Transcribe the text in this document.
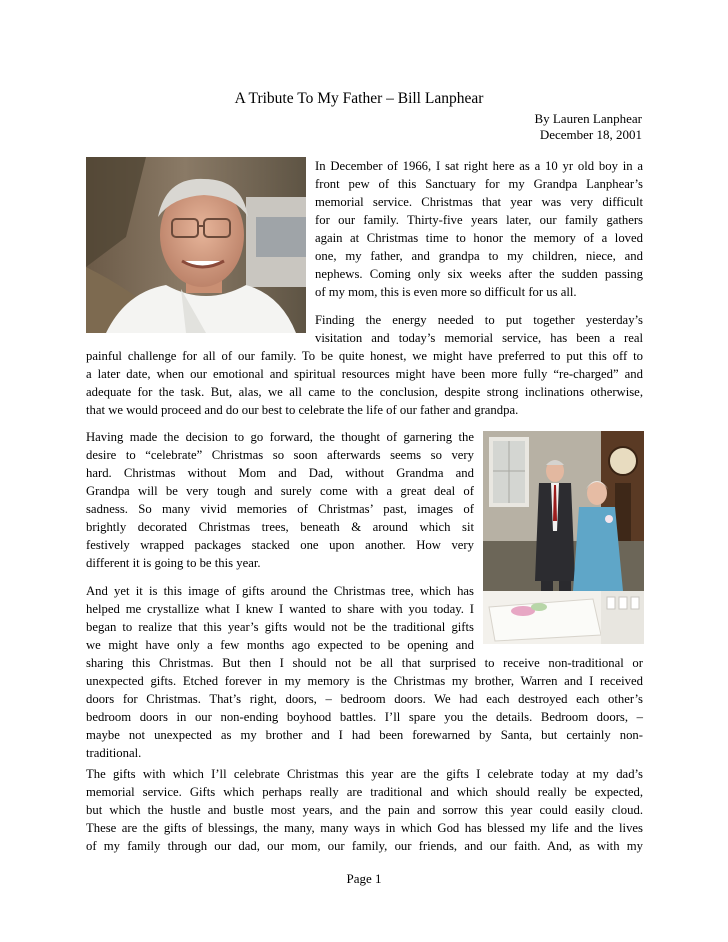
A Tribute To My Father – Bill Lanphear
By Lauren Lanphear
December 18, 2001
In December of 1966, I sat right here as a 10 yr old boy in a
front pew of this Sanctuary for my Grandpa Lanphear’s
memorial service. Christmas that year was very difficult
for our family. Thirty-five years later, our family gathers
again at Christmas time to honor the memory of a loved
one, my father, and grandpa to my children, niece, and
nephews. Coming only six weeks after the sudden passing
of my mom, this is even more so difficult for us all.
Finding the energy needed to put together yesterday’s
visitation and today’s memorial service, has been a real
painful challenge for all of our family. To be quite honest, we might have preferred to put this off to
a later date, when our emotional and spiritual resources might have been more fully “re-charged” and
adequate for the task. But, alas, we all came to the conclusion, despite strong inclinations otherwise,
that we would proceed and do our best to celebrate the life of our father and grandpa.
Having made the decision to go forward, the thought of garnering the
desire to “celebrate” Christmas so soon afterwards seems so very
hard. Christmas without Mom and Dad, without Grandma and
Grandpa will be very tough and surely come with a great deal of
sadness. So many vivid memories of Christmas’ past, images of
brightly decorated Christmas trees, beneath & around which sit
festively wrapped packages stacked one upon another. How very
different it is going to be this year.
And yet it is this image of gifts around the Christmas tree, which has
helped me crystallize what I knew I wanted to share with you today. I
began to realize that this year’s gifts would not be the traditional gifts
we might have only a few months ago expected to be opening and
sharing this Christmas. But then I should not be all that surprised to receive non-traditional or
unexpected gifts. Etched forever in my memory is the Christmas my brother, Warren and I received
doors for Christmas. That’s right, doors, – bedroom doors. We had each destroyed each other’s
bedroom doors in our non-ending boyhood battles. I’ll spare you the details. Bedroom doors, –
maybe not unexpected as my brother and I had been forewarned by Santa, but certainly non-
traditional.
The gifts with which I’ll celebrate Christmas this year are the gifts I celebrate today at my dad’s
memorial service. Gifts which perhaps really are traditional and which should really be expected,
but which the hustle and bustle most years, and the pain and sorrow this year could easily cloud.
These are the gifts of blessings, the many, many ways in which God has blessed my life and the lives
of my family through our dad, our mom, our family, our friends, and our faith. And, as with my
Page 1
